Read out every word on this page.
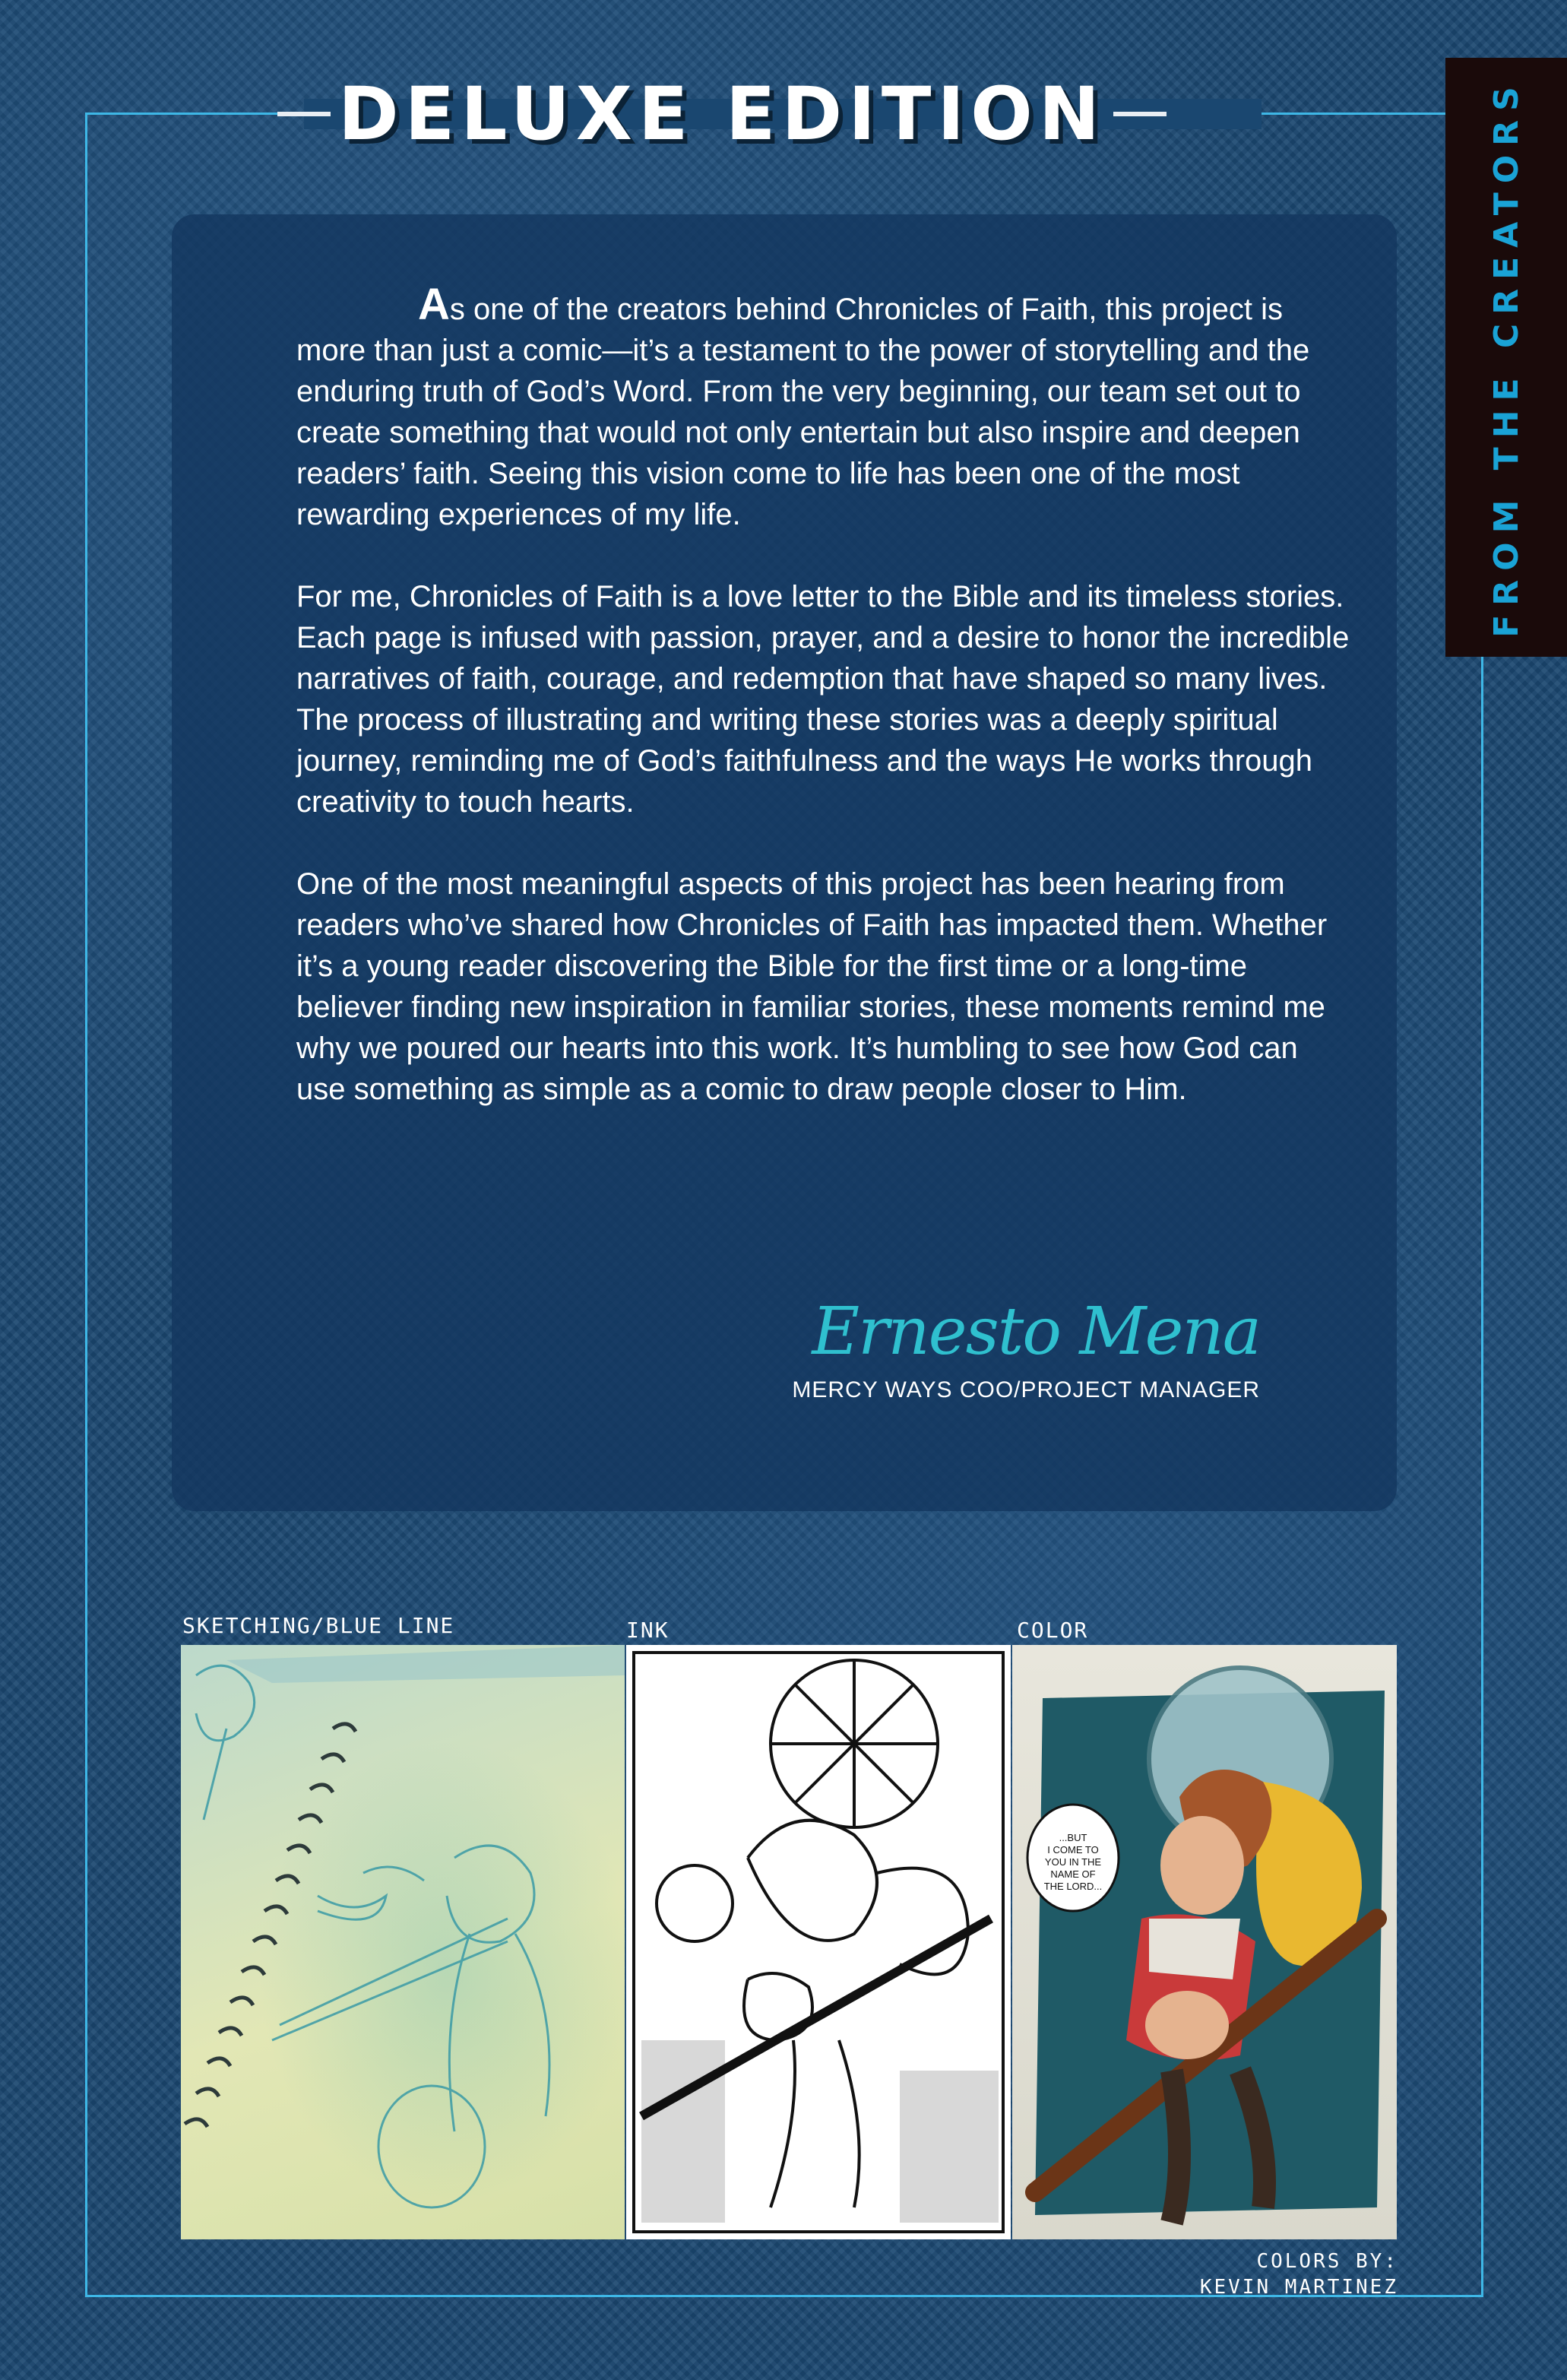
DELUXE EDITION	FROM THE CREATORS

As one of the creators behind Chronicles of Faith, this project is more than just a comic—it’s a testament to the power of storytelling and the enduring truth of God’s Word. From the very beginning, our team set out to create something that would not only entertain but also inspire and deepen readers’ faith. Seeing this vision come to life has been one of the most rewarding experiences of my life.

For me, Chronicles of Faith is a love letter to the Bible and its timeless stories. Each page is infused with passion, prayer, and a desire to honor the incredible narratives of faith, courage, and redemption that have shaped so many lives. The process of illustrating and writing these stories was a deeply spiritual journey, reminding me of God’s faithfulness and the ways He works through creativity to touch hearts.

One of the most meaningful aspects of this project has been hearing from readers who’ve shared how Chronicles of Faith has impacted them. Whether it’s a young reader discovering the Bible for the first time or a long-time believer finding new inspiration in familiar stories, these moments remind me why we poured our hearts into this work. It’s humbling to see how God can use something as simple as a comic to draw people closer to Him.

Ernesto Mena
MERCY WAYS COO/PROJECT MANAGER
SKETCHING/BLUE LINE	INK	COLOR
...BUT I COME TO YOU IN THE NAME OF THE LORD...
COLORS BY:
KEVIN MARTINEZ
